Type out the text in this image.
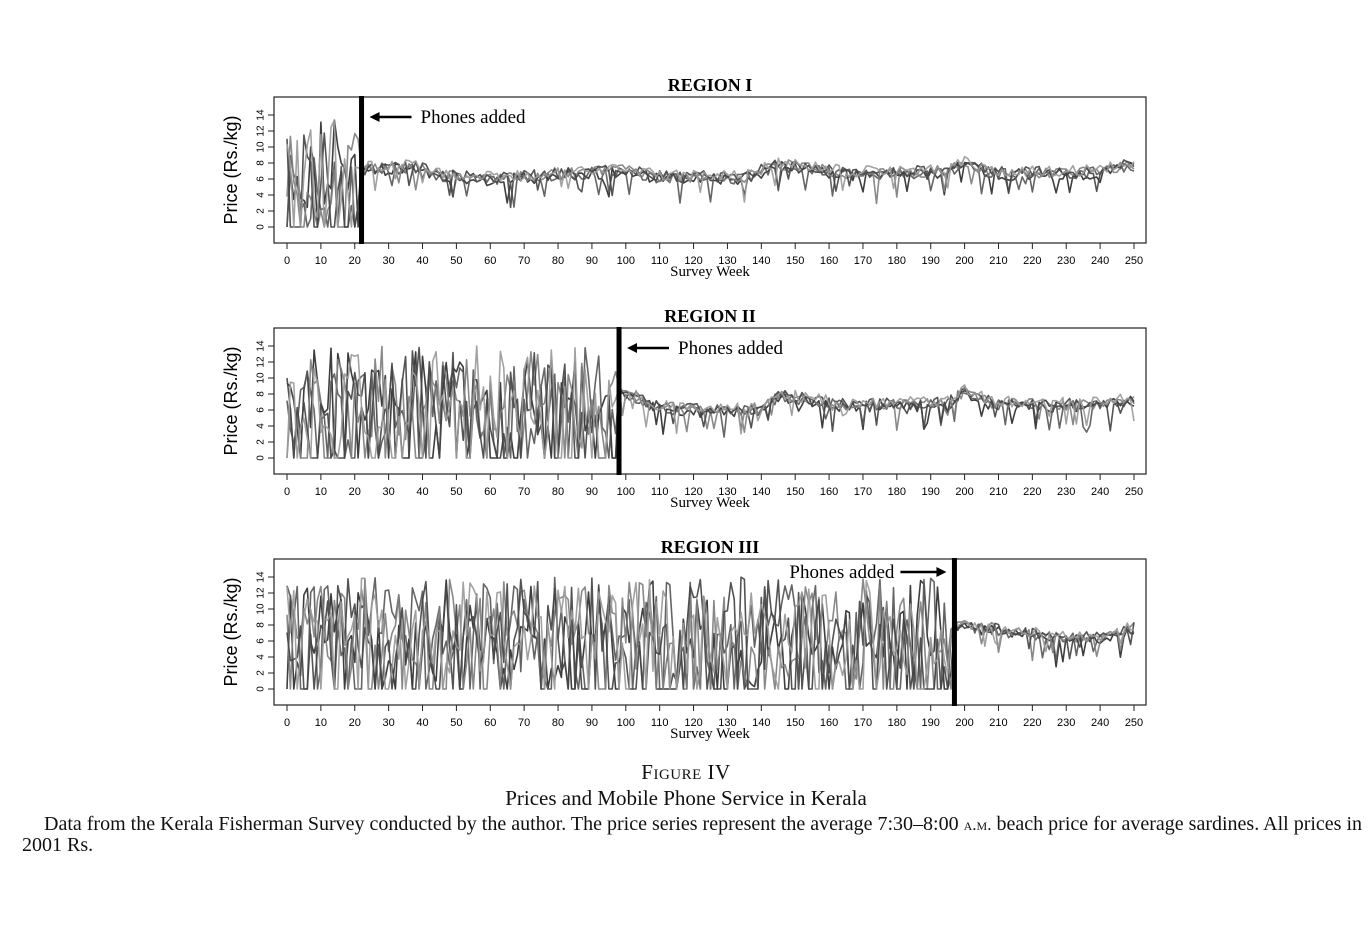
REGION I
0 10 20 30 40 50 60 70 80 90 100 110 120 130 140 150 160 170 180 190 200 210 220 230 240 250
Survey Week
0
2
4
6
8
10
12
14
Price (Rs./kg)	Phones added
REGION II
0 10 20 30 40 50 60 70 80 90 100 110 120 130 140 150 160 170 180 190 200 210 220 230 240 250
Survey Week
0
2
4
6
8
10
12
14
Price (Rs./kg)	Phones added
REGION III
0 10 20 30 40 50 60 70 80 90 100 110 120 130 140 150 160 170 180 190 200 210 220 230 240 250
Survey Week
0
2
4
6
8
10
12
14
Price (Rs./kg)
Phones added
Figure IV
Prices and Mobile Phone Service in Kerala
Data from the Kerala Fisherman Survey conducted by the author. The price series represent the average 7:30–8:00 a.m. beach price for average sardines. All prices in 2001 Rs.
